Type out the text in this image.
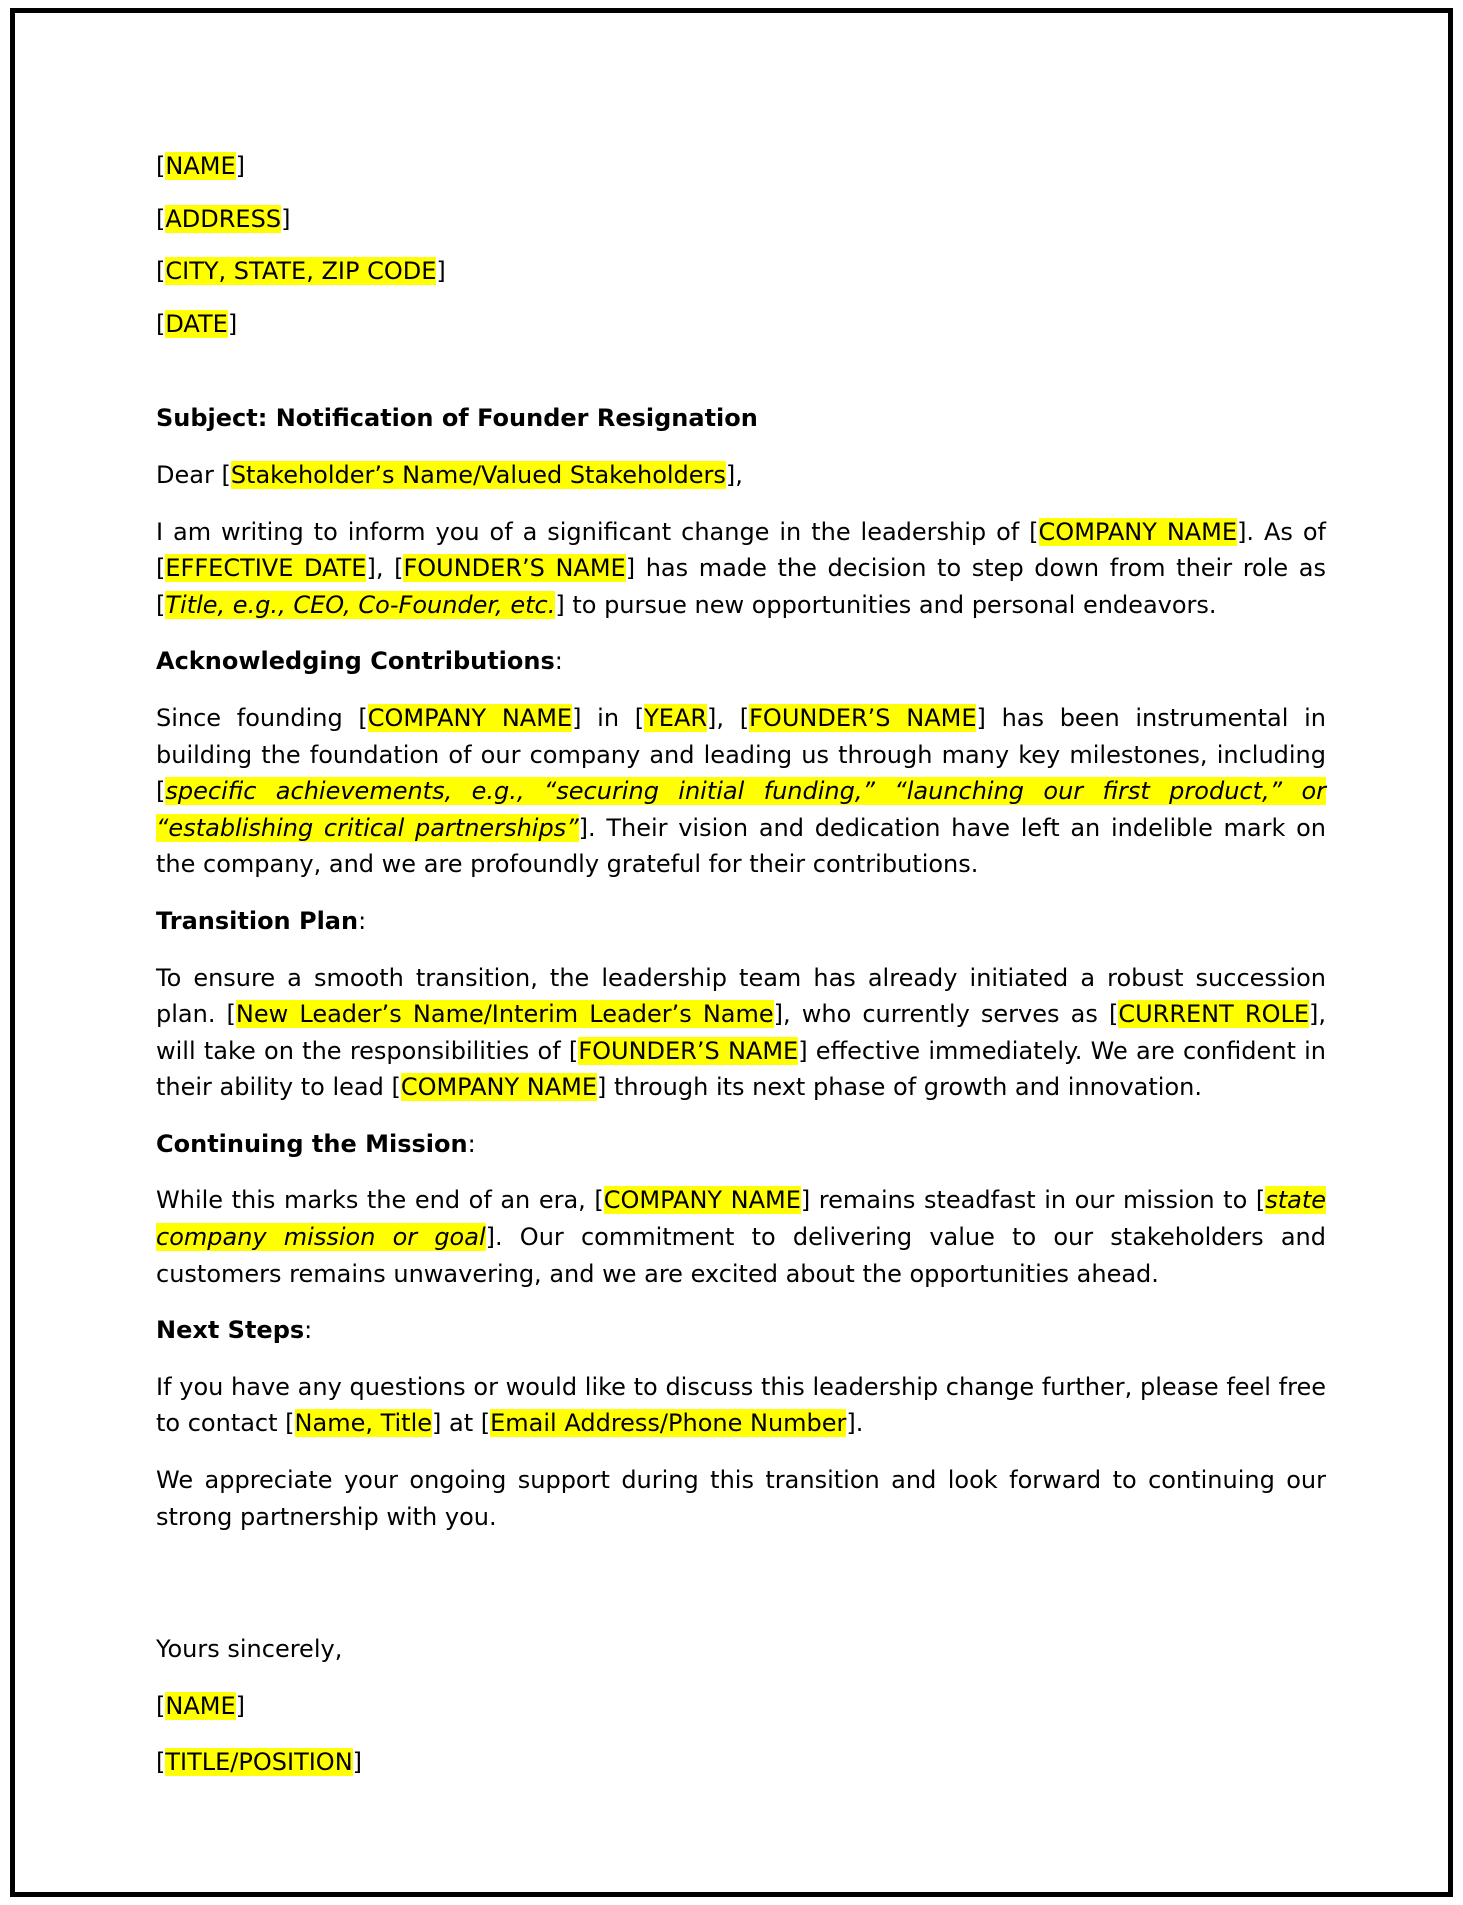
[NAME]

[ADDRESS]

[CITY, STATE, ZIP CODE]

[DATE]

Subject: Notification of Founder Resignation

Dear [Stakeholder’s Name/Valued Stakeholders],

I am writing to inform you of a significant change in the leadership of [COMPANY NAME]. As of [EFFECTIVE DATE], [FOUNDER’S NAME] has made the decision to step down from their role as [Title, e.g., CEO, Co-Founder, etc.] to pursue new opportunities and personal endeavors.

Acknowledging Contributions:

Since founding [COMPANY NAME] in [YEAR], [FOUNDER’S NAME] has been instrumental in building the foundation of our company and leading us through many key milestones, including [specific achievements, e.g., “securing initial funding,” “launching our first product,” or “establishing critical partnerships”]. Their vision and dedication have left an indelible mark on the company, and we are profoundly grateful for their contributions.

Transition Plan:

To ensure a smooth transition, the leadership team has already initiated a robust succession plan. [New Leader’s Name/Interim Leader’s Name], who currently serves as [CURRENT ROLE], will take on the responsibilities of [FOUNDER’S NAME] effective immediately. We are confident in their ability to lead [COMPANY NAME] through its next phase of growth and innovation.

Continuing the Mission:

While this marks the end of an era, [COMPANY NAME] remains steadfast in our mission to [state company mission or goal]. Our commitment to delivering value to our stakeholders and customers remains unwavering, and we are excited about the opportunities ahead.

Next Steps:

If you have any questions or would like to discuss this leadership change further, please feel free to contact [Name, Title] at [Email Address/Phone Number].

We appreciate your ongoing support during this transition and look forward to continuing our strong partnership with you.

Yours sincerely,

[NAME]

[TITLE/POSITION]
